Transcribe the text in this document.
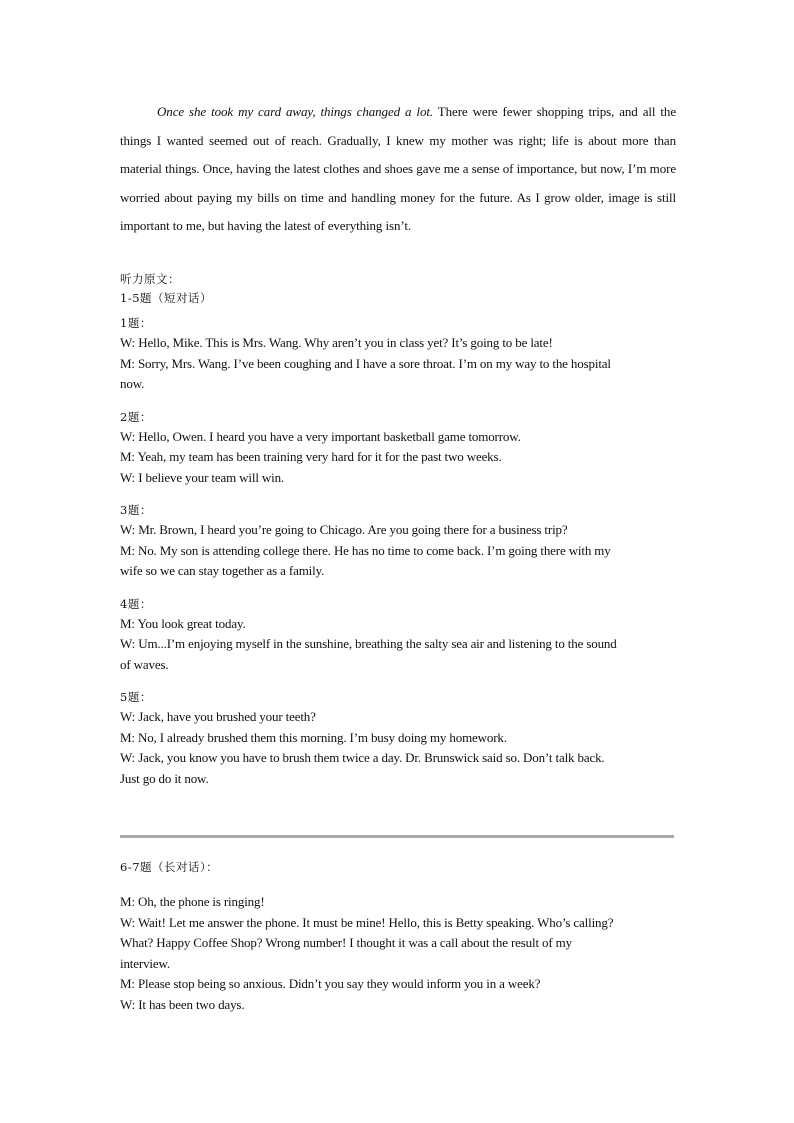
Once she took my card away, things changed a lot. There were fewer shopping trips, and all the things I wanted seemed out of reach. Gradually, I knew my mother was right; life is about more than material things. Once, having the latest clothes and shoes gave me a sense of importance, but now, I’m more worried about paying my bills on time and handling money for the future. As I grow older, image is still important to me, but having the latest of everything isn’t.
听力原文：
1-5题（短对话）
1题：
W: Hello, Mike. This is Mrs. Wang. Why aren’t you in class yet? It’s going to be late!
M: Sorry, Mrs. Wang. I’ve been coughing and I have a sore throat. I’m on my way to the hospital
now.
2题：
W: Hello, Owen. I heard you have a very important basketball game tomorrow.
M: Yeah, my team has been training very hard for it for the past two weeks.
W: I believe your team will win.
3题：
W: Mr. Brown, I heard you’re going to Chicago. Are you going there for a business trip?
M: No. My son is attending college there. He has no time to come back. I’m going there with my
wife so we can stay together as a family.
4题：
M: You look great today.
W: Um...I’m enjoying myself in the sunshine, breathing the salty sea air and listening to the sound
of waves.
5题：
W: Jack, have you brushed your teeth?
M: No, I already brushed them this morning. I’m busy doing my homework.
W: Jack, you know you have to brush them twice a day. Dr. Brunswick said so. Don’t talk back.
Just go do it now.
6-7题（长对话）：
M: Oh, the phone is ringing!
W: Wait! Let me answer the phone. It must be mine! Hello, this is Betty speaking. Who’s calling?
What? Happy Coffee Shop? Wrong number! I thought it was a call about the result of my
interview.
M: Please stop being so anxious. Didn’t you say they would inform you in a week?
W: It has been two days.
